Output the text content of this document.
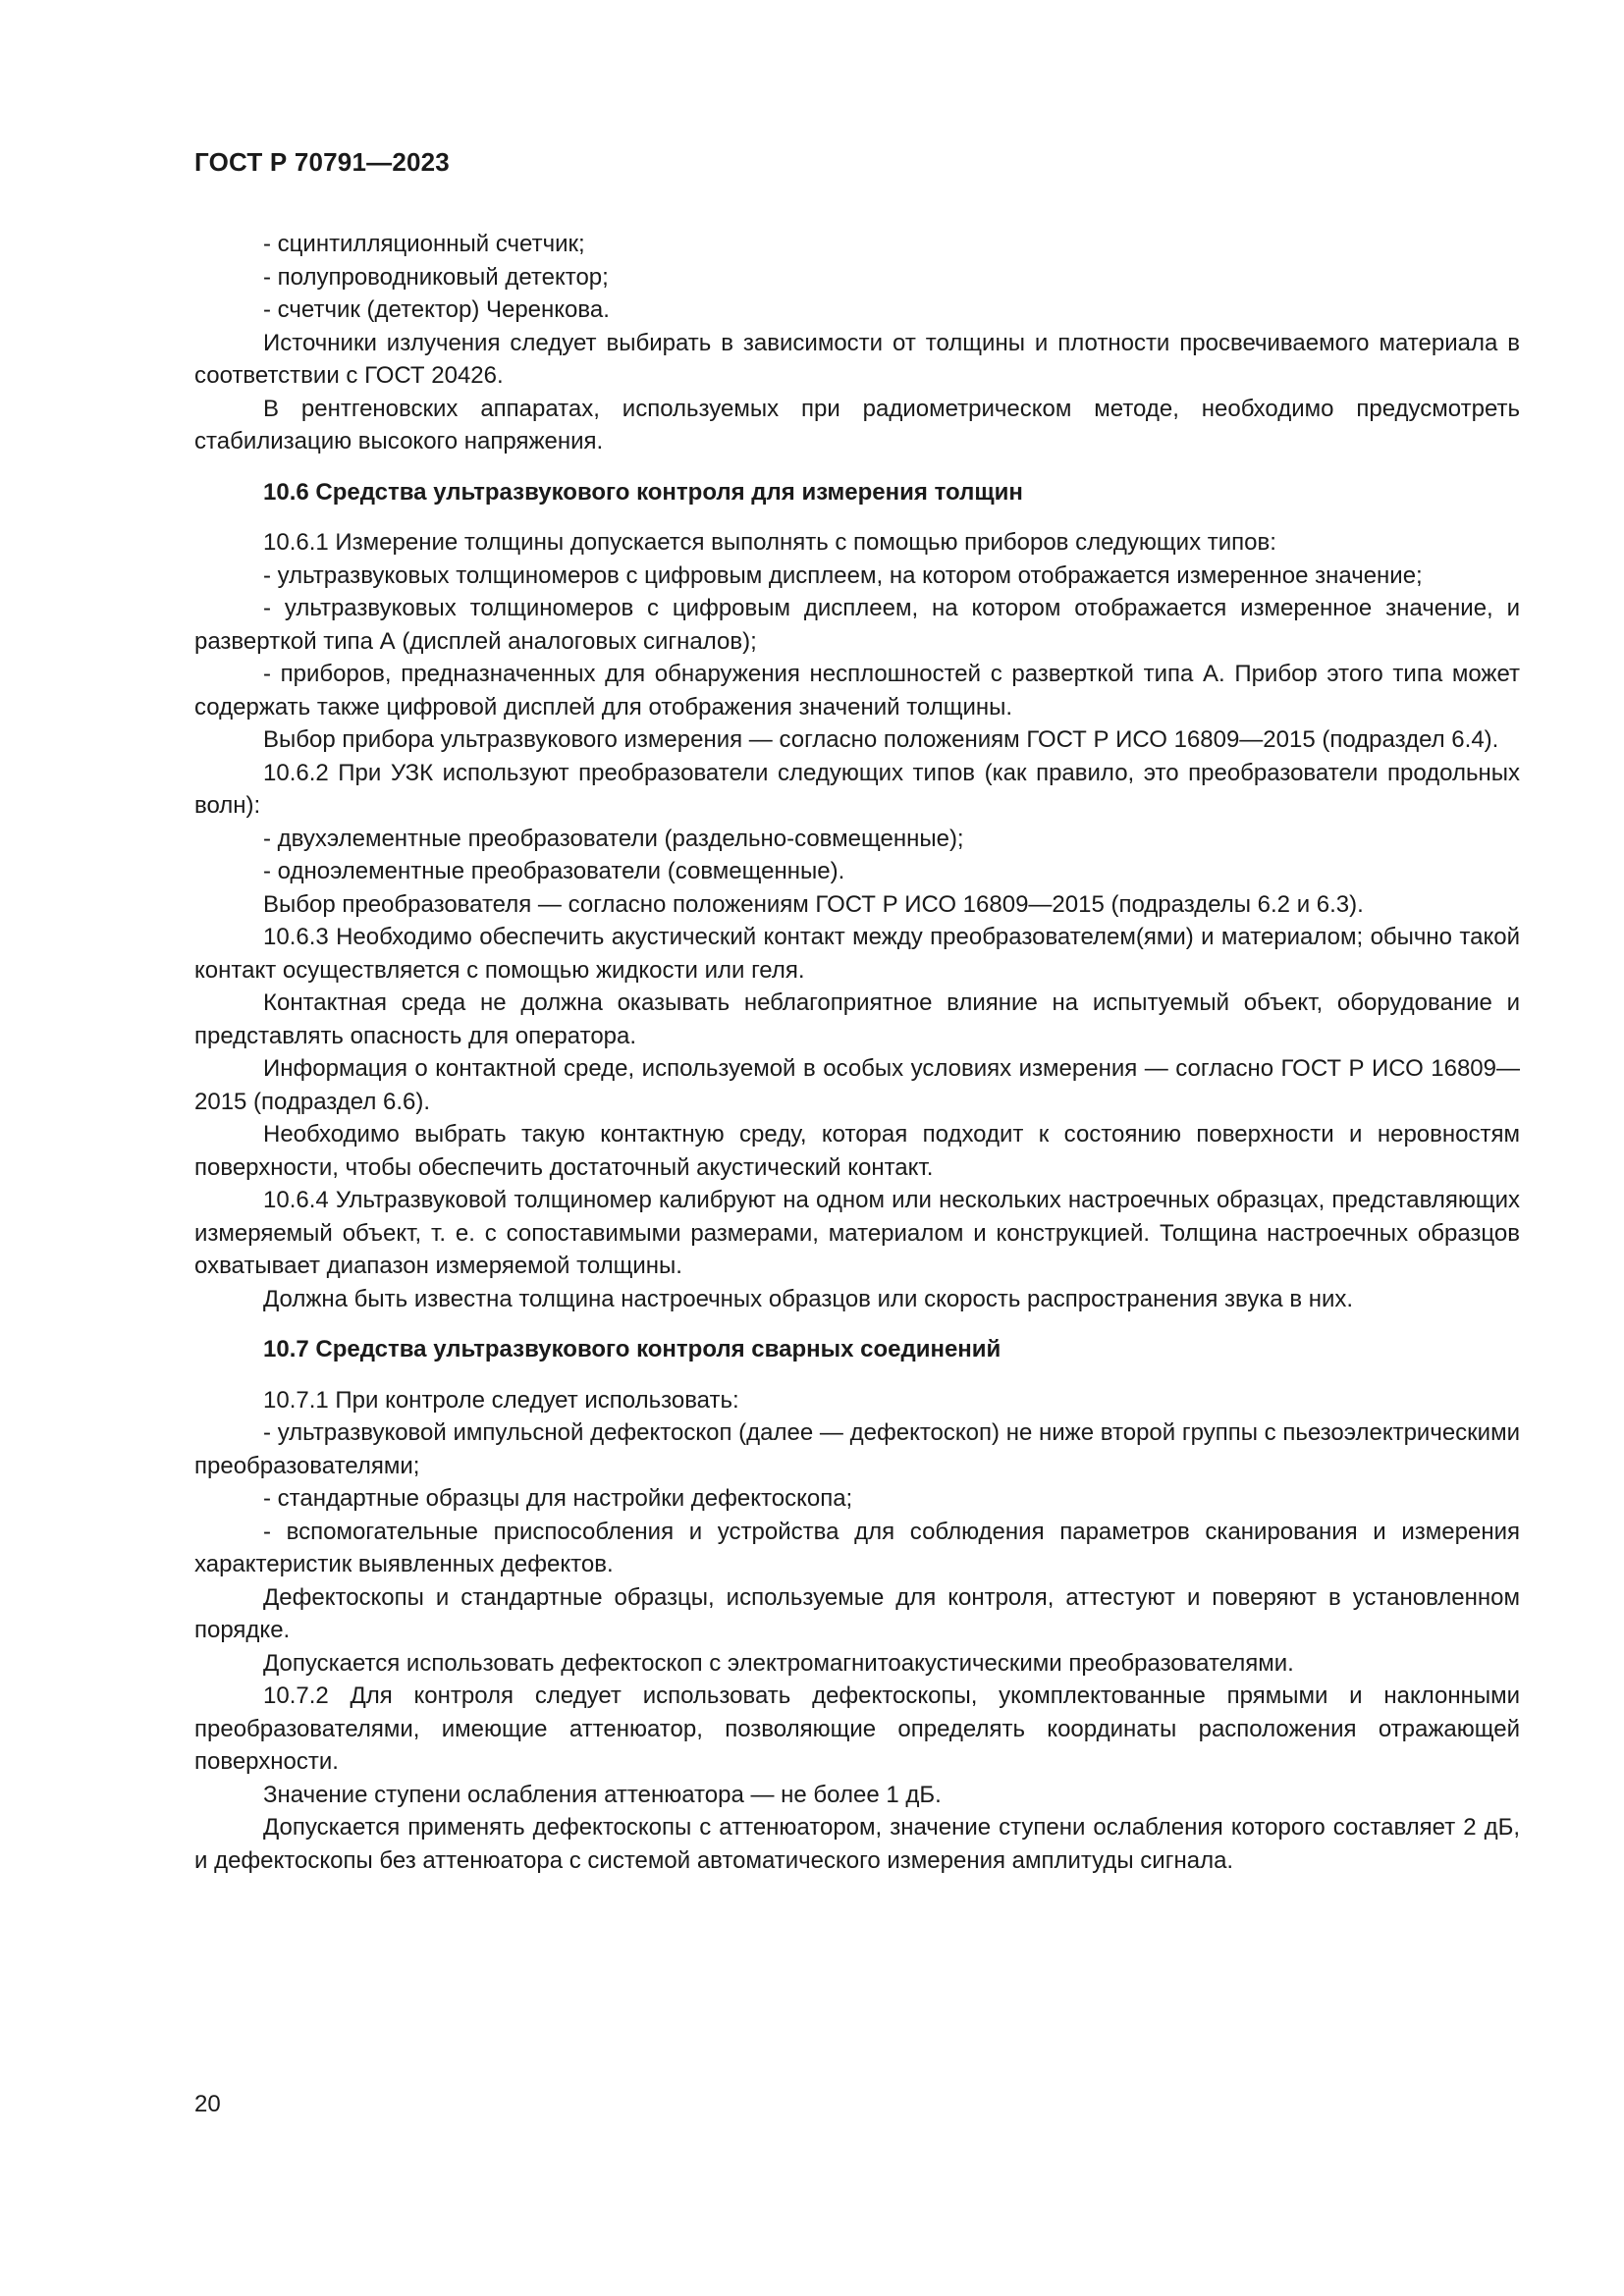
ГОСТ Р 70791—2023

- сцинтилляционный счетчик;

- полупроводниковый детектор;

- счетчик (детектор) Черенкова.

Источники излучения следует выбирать в зависимости от толщины и плотности просвечиваемого материала в соответствии с ГОСТ 20426.

В рентгеновских аппаратах, используемых при радиометрическом методе, необходимо предусмотреть стабилизацию высокого напряжения.

10.6 Средства ультразвукового контроля для измерения толщин

10.6.1 Измерение толщины допускается выполнять с помощью приборов следующих типов:

- ультразвуковых толщиномеров с цифровым дисплеем, на котором отображается измеренное значение;

- ультразвуковых толщиномеров с цифровым дисплеем, на котором отображается измеренное значение, и разверткой типа А (дисплей аналоговых сигналов);

- приборов, предназначенных для обнаружения несплошностей с разверткой типа А. Прибор этого типа может содержать также цифровой дисплей для отображения значений толщины.

Выбор прибора ультразвукового измерения — согласно положениям ГОСТ Р ИСО 16809—2015 (подраздел 6.4).

10.6.2 При УЗК используют преобразователи следующих типов (как правило, это преобразователи продольных волн):

- двухэлементные преобразователи (раздельно-совмещенные);

- одноэлементные преобразователи (совмещенные).

Выбор преобразователя — согласно положениям ГОСТ Р ИСО 16809—2015 (подразделы 6.2 и 6.3).

10.6.3 Необходимо обеспечить акустический контакт между преобразователем(ями) и материалом; обычно такой контакт осуществляется с помощью жидкости или геля.

Контактная среда не должна оказывать неблагоприятное влияние на испытуемый объект, оборудование и представлять опасность для оператора.

Информация о контактной среде, используемой в особых условиях измерения — согласно ГОСТ Р ИСО 16809—2015 (подраздел 6.6).

Необходимо выбрать такую контактную среду, которая подходит к состоянию поверхности и неровностям поверхности, чтобы обеспечить достаточный акустический контакт.

10.6.4 Ультразвуковой толщиномер калибруют на одном или нескольких настроечных образцах, представляющих измеряемый объект, т. е. с сопоставимыми размерами, материалом и конструкцией. Толщина настроечных образцов охватывает диапазон измеряемой толщины.

Должна быть известна толщина настроечных образцов или скорость распространения звука в них.

10.7 Средства ультразвукового контроля сварных соединений

10.7.1 При контроле следует использовать:

- ультразвуковой импульсной дефектоскоп (далее — дефектоскоп) не ниже второй группы с пьезоэлектрическими преобразователями;

- стандартные образцы для настройки дефектоскопа;

- вспомогательные приспособления и устройства для соблюдения параметров сканирования и измерения характеристик выявленных дефектов.

Дефектоскопы и стандартные образцы, используемые для контроля, аттестуют и поверяют в установленном порядке.

Допускается использовать дефектоскоп с электромагнитоакустическими преобразователями.

10.7.2 Для контроля следует использовать дефектоскопы, укомплектованные прямыми и наклонными преобразователями, имеющие аттенюатор, позволяющие определять координаты расположения отражающей поверхности.

Значение ступени ослабления аттенюатора — не более 1 дБ.

Допускается применять дефектоскопы с аттенюатором, значение ступени ослабления которого составляет 2 дБ, и дефектоскопы без аттенюатора с системой автоматического измерения амплитуды сигнала.

20
